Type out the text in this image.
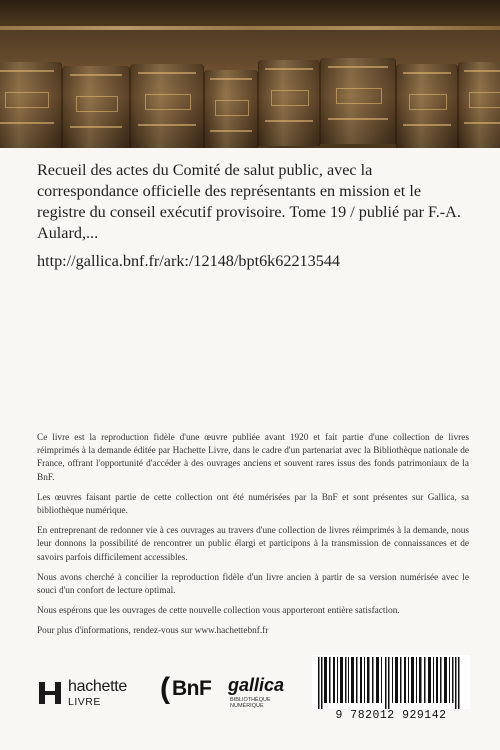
Recueil des actes du Comité de salut public, avec la correspondance officielle des représentants en mission et le registre du conseil exécutif provisoire. Tome 19 / publié par F.-A. Aulard,...
http://gallica.bnf.fr/ark:/12148/bpt6k62213544

Ce livre est la reproduction fidèle d'une œuvre publiée avant 1920 et fait partie d'une collection de livres réimprimés à la demande éditée par Hachette Livre, dans le cadre d'un partenariat avec la Bibliothèque nationale de France, offrant l'opportunité d'accéder à des ouvrages anciens et souvent rares issus des fonds patrimoniaux de la BnF.

Les œuvres faisant partie de cette collection ont été numérisées par la BnF et sont présentes sur Gallica, sa bibliothèque numérique.

En entreprenant de redonner vie à ces ouvrages au travers d'une collection de livres réimprimés à la demande, nous leur donnons la possibilité de rencontrer un public élargi et participons à la transmission de connaissances et de savoirs parfois difficilement accessibles.

Nous avons cherché à concilier la reproduction fidèle d'un livre ancien à partir de sa version numérisée avec le souci d'un confort de lecture optimal.

Nous espérons que les ouvrages de cette nouvelle collection vous apporteront entière satisfaction.

Pour plus d'informations, rendez-vous sur www.hachettebnf.fr

hachette
LIVRE ( BnF gallica
BIBLIOTHÈQUE
NUMÉRIQUE
9 782012 929142
